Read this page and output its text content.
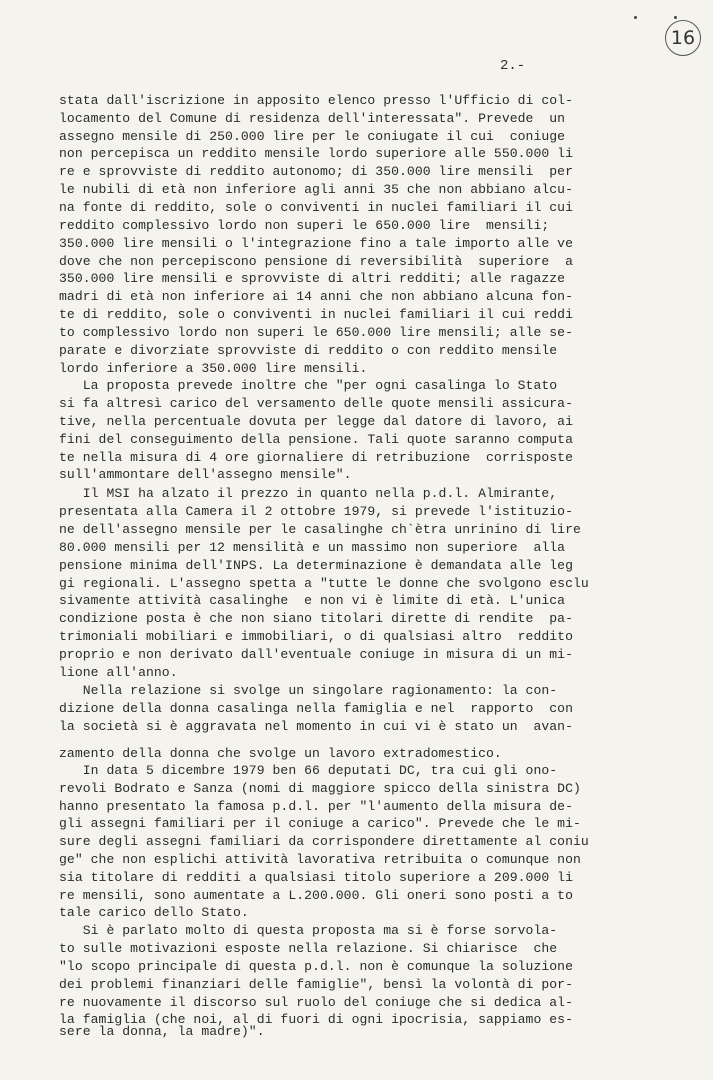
16
2.-
stata dall'iscrizione in apposito elenco presso l'Ufficio di col-
locamento del Comune di residenza dell'interessata". Prevede  un
assegno mensile di 250.000 lire per le coniugate il cui  coniuge
non percepisca un reddito mensile lordo superiore alle 550.000 li
re e sprovviste di reddito autonomo; di 350.000 lire mensili  per
le nubili di età non inferiore agli anni 35 che non abbiano alcu-
na fonte di reddito, sole o conviventi in nuclei familiari il cui
reddito complessivo lordo non superi le 650.000 lire  mensili;
350.000 lire mensili o l'integrazione fino a tale importo alle ve
dove che non percepiscono pensione di reversibilità  superiore  a
350.000 lire mensili e sprovviste di altri redditi; alle ragazze
madri di età non inferiore ai 14 anni che non abbiano alcuna fon-
te di reddito, sole o conviventi in nuclei familiari il cui reddi
to complessivo lordo non superi le 650.000 lire mensili; alle se-
parate e divorziate sprovviste di reddito o con reddito mensile
lordo inferiore a 350.000 lire mensili.
La proposta prevede inoltre che "per ogni casalinga lo Stato
si fa altresì carico del versamento delle quote mensili assicura-
tive, nella percentuale dovuta per legge dal datore di lavoro, ai
fini del conseguimento della pensione. Tali quote saranno computa
te nella misura di 4 ore giornaliere di retribuzione  corrisposte
sull'ammontare dell'assegno mensile".
Il MSI ha alzato il prezzo in quanto nella p.d.l. Almirante,
presentata alla Camera il 2 ottobre 1979, si prevede l'istituzio-
ne dell'assegno mensile per le casalinghe ch`ètra unrinino di lire
80.000 mensili per 12 mensilità e un massimo non superiore  alla
pensione minima dell'INPS. La determinazione è demandata alle leg
gi regionali. L'assegno spetta a "tutte le donne che svolgono esclu
sivamente attività casalinghe  e non vi è limite di età. L'unica
condizione posta è che non siano titolari dirette di rendite  pa-
trimoniali mobiliari e immobiliari, o di qualsiasi altro  reddito
proprio e non derivato dall'eventuale coniuge in misura di un mi-
lione all'anno.
Nella relazione si svolge un singolare ragionamento: la con-
dizione della donna casalinga nella famiglia e nel  rapporto  con
la società si è aggravata nel momento in cui vi è stato un  avan-
zamento della donna che svolge un lavoro extradomestico.
In data 5 dicembre 1979 ben 66 deputati DC, tra cui gli ono-
revoli Bodrato e Sanza (nomi di maggiore spicco della sinistra DC)
hanno presentato la famosa p.d.l. per "l'aumento della misura de-
gli assegni familiari per il coniuge a carico". Prevede che le mi-
sure degli assegni familiari da corrispondere direttamente al coniu
ge" che non esplichi attività lavorativa retribuita o comunque non
sia titolare di redditi a qualsiasi titolo superiore a 209.000 li
re mensili, sono aumentate a L.200.000. Gli oneri sono posti a to
tale carico dello Stato.
Si è parlato molto di questa proposta ma si è forse sorvola-
to sulle motivazioni esposte nella relazione. Si chiarisce  che
"lo scopo principale di questa p.d.l. non è comunque la soluzione
dei problemi finanziari delle famiglie", bensì la volontà di por-
re nuovamente il discorso sul ruolo del coniuge che si dedica al-
la famiglia (che noi, al di fuori di ogni ipocrisia, sappiamo es-
sere la donna, la madre)".
